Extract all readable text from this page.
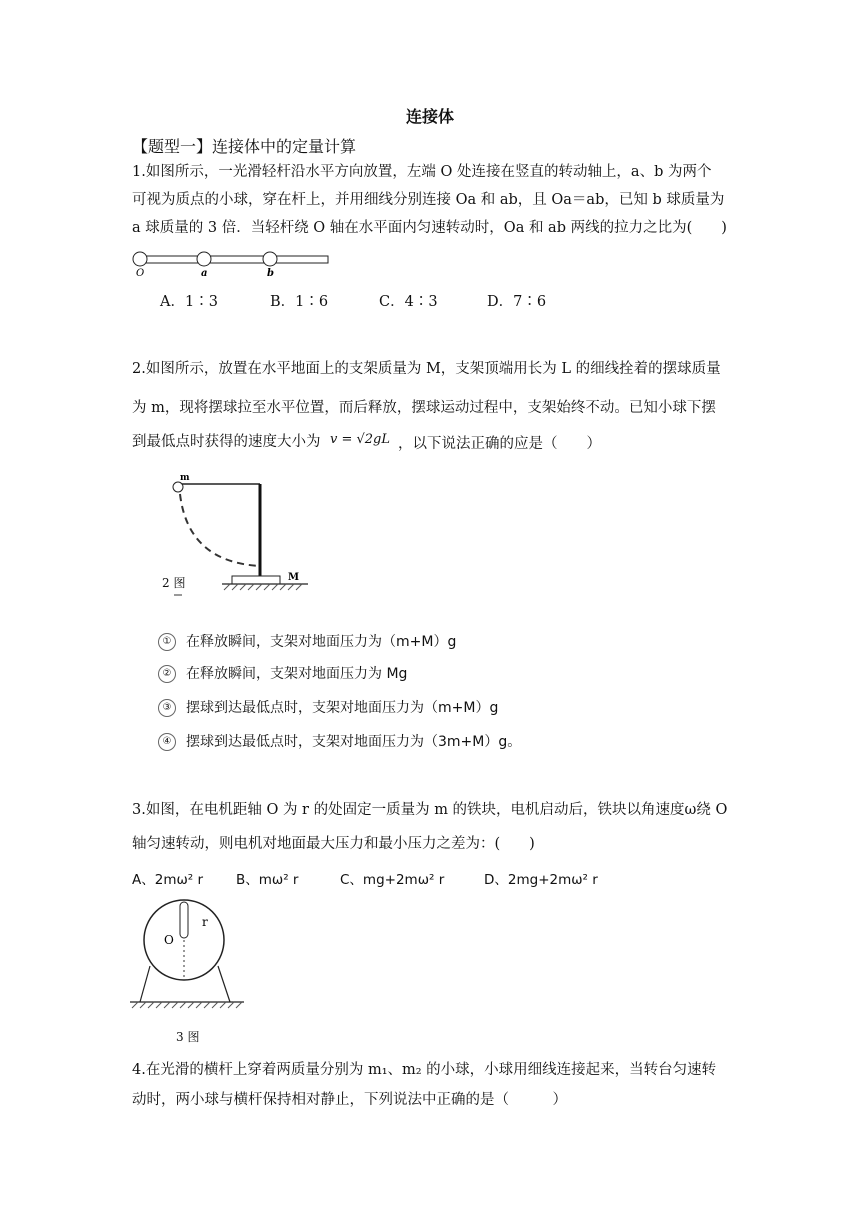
连接体
【题型一】连接体中的定量计算
1.如图所示，一光滑轻杆沿水平方向放置，左端 O 处连接在竖直的转动轴上，a、b 为两个
可视为质点的小球，穿在杆上，并用细线分别连接 Oa 和 ab，且 Oa＝ab，已知 b 球质量为
a 球质量的 3 倍．当轻杆绕 O 轴在水平面内匀速转动时，Oa 和 ab 两线的拉力之比为(　　)
O	a	b
A．1∶3	B．1∶6	C．4∶3	D．7∶6
2.如图所示，放置在水平地面上的支架质量为 M，支架顶端用长为 L 的细线拴着的摆球质量
为 m，现将摆球拉至水平位置，而后释放，摆球运动过程中，支架始终不动。已知小球下摆
到最低点时获得的速度大小为 v = √2gL ，以下说法正确的应是（　　）
m
M
2 图
① 在释放瞬间，支架对地面压力为（m+M）g
② 在释放瞬间，支架对地面压力为 Mg
③ 摆球到达最低点时，支架对地面压力为（m+M）g
④ 摆球到达最低点时，支架对地面压力为（3m+M）g。
3.如图，在电机距轴 O 为 r 的处固定一质量为 m 的铁块，电机启动后，铁块以角速度ω绕 O
轴匀速转动，则电机对地面最大压力和最小压力之差为：(　　)
A、2mω² r B、mω² r	C、mg+2mω² r	D、2mg+2mω² r
r
O
3 图
4.在光滑的横杆上穿着两质量分别为 m₁、m₂ 的小球，小球用细线连接起来，当转台匀速转
动时，两小球与横杆保持相对静止，下列说法中正确的是（　　　）
